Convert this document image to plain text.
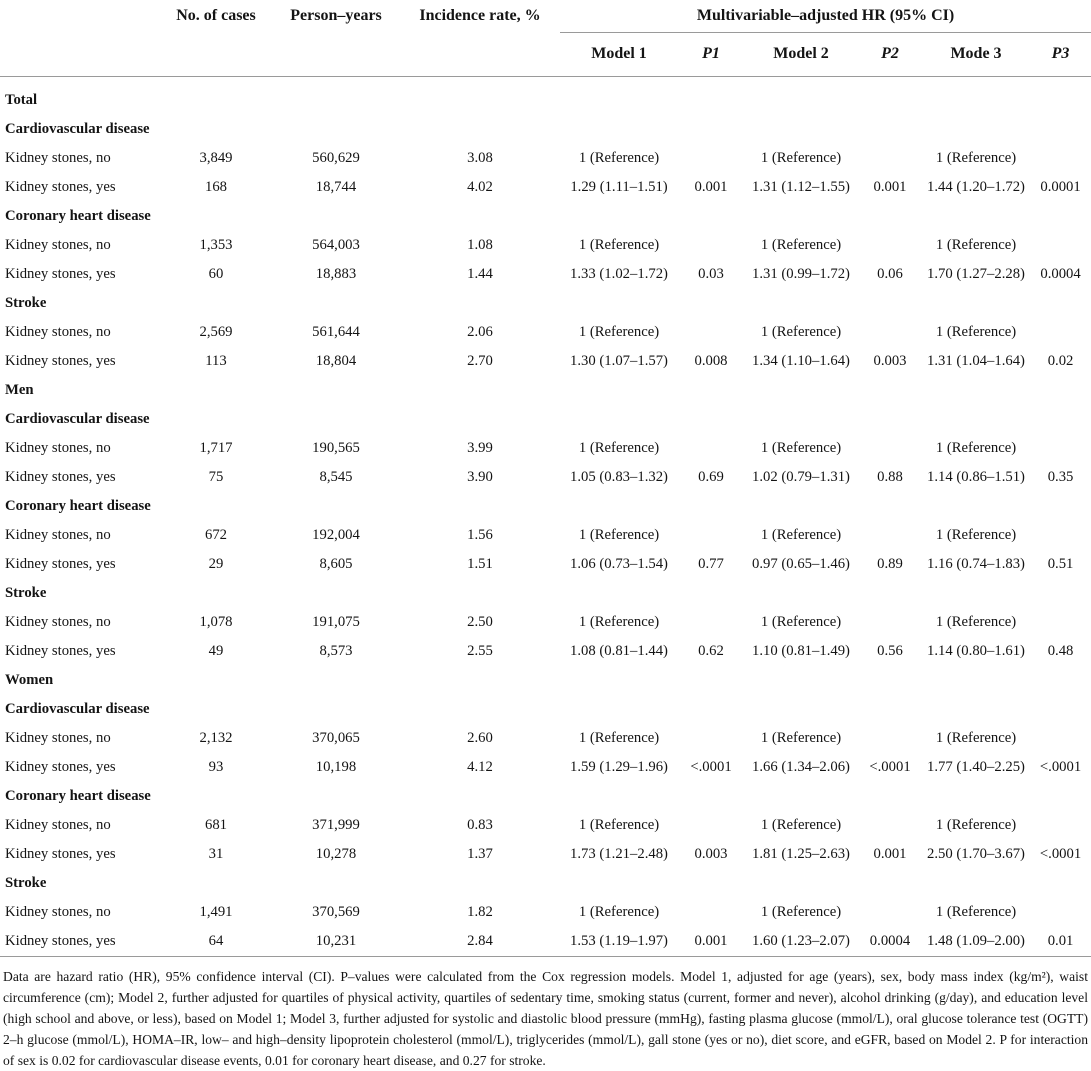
	No. of cases	Person–years	Incidence rate, %	Multivariable–adjusted HR (95% CI)					
				Model 1	P1	Model 2	P2	Mode 3	P3
Total									
Cardiovascular disease									
Kidney stones, no	3,849	560,629	3.08	1 (Reference)		1 (Reference)		1 (Reference)	
Kidney stones, yes	168	18,744	4.02	1.29 (1.11–1.51)	0.001	1.31 (1.12–1.55)	0.001	1.44 (1.20–1.72)	0.0001
Coronary heart disease									
Kidney stones, no	1,353	564,003	1.08	1 (Reference)		1 (Reference)		1 (Reference)	
Kidney stones, yes	60	18,883	1.44	1.33 (1.02–1.72)	0.03	1.31 (0.99–1.72)	0.06	1.70 (1.27–2.28)	0.0004
Stroke									
Kidney stones, no	2,569	561,644	2.06	1 (Reference)		1 (Reference)		1 (Reference)	
Kidney stones, yes	113	18,804	2.70	1.30 (1.07–1.57)	0.008	1.34 (1.10–1.64)	0.003	1.31 (1.04–1.64)	0.02
Men									
Cardiovascular disease									
Kidney stones, no	1,717	190,565	3.99	1 (Reference)		1 (Reference)		1 (Reference)	
Kidney stones, yes	75	8,545	3.90	1.05 (0.83–1.32)	0.69	1.02 (0.79–1.31)	0.88	1.14 (0.86–1.51)	0.35
Coronary heart disease									
Kidney stones, no	672	192,004	1.56	1 (Reference)		1 (Reference)		1 (Reference)	
Kidney stones, yes	29	8,605	1.51	1.06 (0.73–1.54)	0.77	0.97 (0.65–1.46)	0.89	1.16 (0.74–1.83)	0.51
Stroke									
Kidney stones, no	1,078	191,075	2.50	1 (Reference)		1 (Reference)		1 (Reference)	
Kidney stones, yes	49	8,573	2.55	1.08 (0.81–1.44)	0.62	1.10 (0.81–1.49)	0.56	1.14 (0.80–1.61)	0.48
Women									
Cardiovascular disease									
Kidney stones, no	2,132	370,065	2.60	1 (Reference)		1 (Reference)		1 (Reference)	
Kidney stones, yes	93	10,198	4.12	1.59 (1.29–1.96)	<.0001	1.66 (1.34–2.06)	<.0001	1.77 (1.40–2.25)	<.0001
Coronary heart disease									
Kidney stones, no	681	371,999	0.83	1 (Reference)		1 (Reference)		1 (Reference)	
Kidney stones, yes	31	10,278	1.37	1.73 (1.21–2.48)	0.003	1.81 (1.25–2.63)	0.001	2.50 (1.70–3.67)	<.0001
Stroke									
Kidney stones, no	1,491	370,569	1.82	1 (Reference)		1 (Reference)		1 (Reference)	
Kidney stones, yes	64	10,231	2.84	1.53 (1.19–1.97)	0.001	1.60 (1.23–2.07)	0.0004	1.48 (1.09–2.00)	0.01
Data are hazard ratio (HR), 95% confidence interval (CI). P–values were calculated from the Cox regression models. Model 1, adjusted for age (years), sex, body mass index (kg/m²), waist circumference (cm); Model 2, further adjusted for quartiles of physical activity, quartiles of sedentary time, smoking status (current, former and never), alcohol drinking (g/day), and education level (high school and above, or less), based on Model 1; Model 3, further adjusted for systolic and diastolic blood pressure (mmHg), fasting plasma glucose (mmol/L), oral glucose tolerance test (OGTT) 2–h glucose (mmol/L), HOMA–IR, low– and high–density lipoprotein cholesterol (mmol/L), triglycerides (mmol/L), gall stone (yes or no), diet score, and eGFR, based on Model 2. P for interaction of sex is 0.02 for cardiovascular disease events, 0.01 for coronary heart disease, and 0.27 for stroke.
